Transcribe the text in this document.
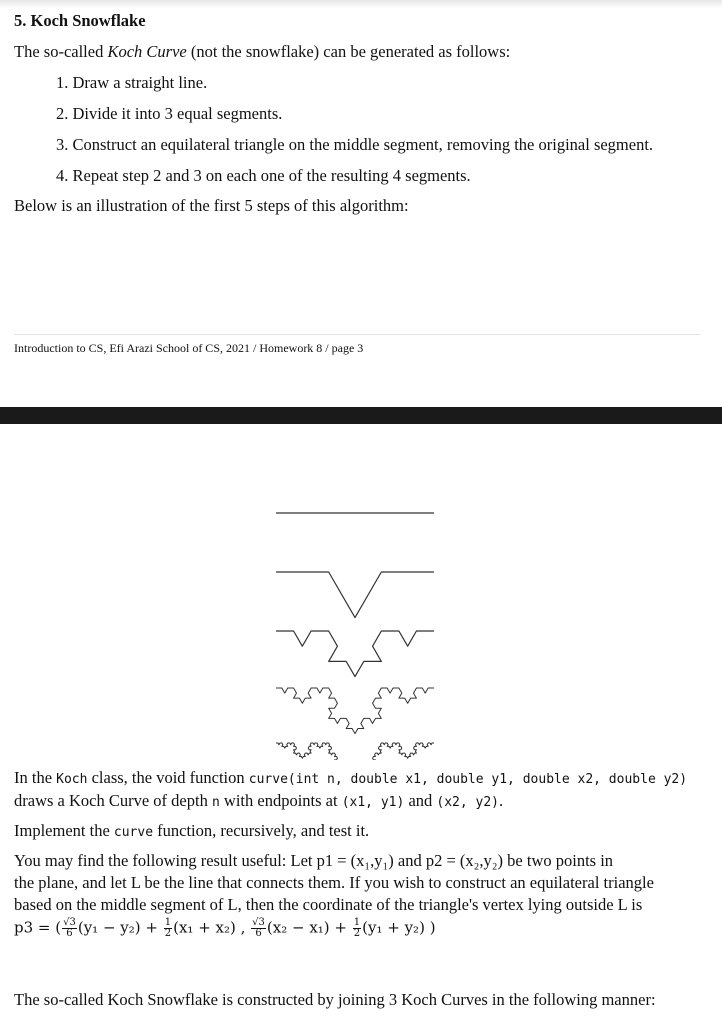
5. Koch Snowflake
The so-called Koch Curve (not the snowflake) can be generated as follows:
1. Draw a straight line.
2. Divide it into 3 equal segments.
3. Construct an equilateral triangle on the middle segment, removing the original segment.
4. Repeat step 2 and 3 on each one of the resulting 4 segments.
Below is an illustration of the first 5 steps of this algorithm:
Introduction to CS, Efi Arazi School of CS, 2021 / Homework 8 / page 3
In the Koch class, the void function curve(int n, double x1, double y1, double x2, double y2)
draws a Koch Curve of depth n with endpoints at (x1, y1) and (x2, y2).
Implement the curve function, recursively, and test it.
You may find the following result useful: Let p1 = (x₁,y₁) and p2 = (x₂,y₂) be two points in
the plane, and let L be the line that connects them. If you wish to construct an equilateral triangle
based on the middle segment of L, then the coordinate of the triangle's vertex lying outside L is
p3 = ( $\frac{√3}{6} (y_1 - y_2) + \frac{1}{2} (x_1 + x_2)$ , $\frac{√3}{6} (x_2 - x_1) + \frac{1}{2} (y_1 + y_2)$ )
The so-called Koch Snowflake is constructed by joining 3 Koch Curves in the following manner:
